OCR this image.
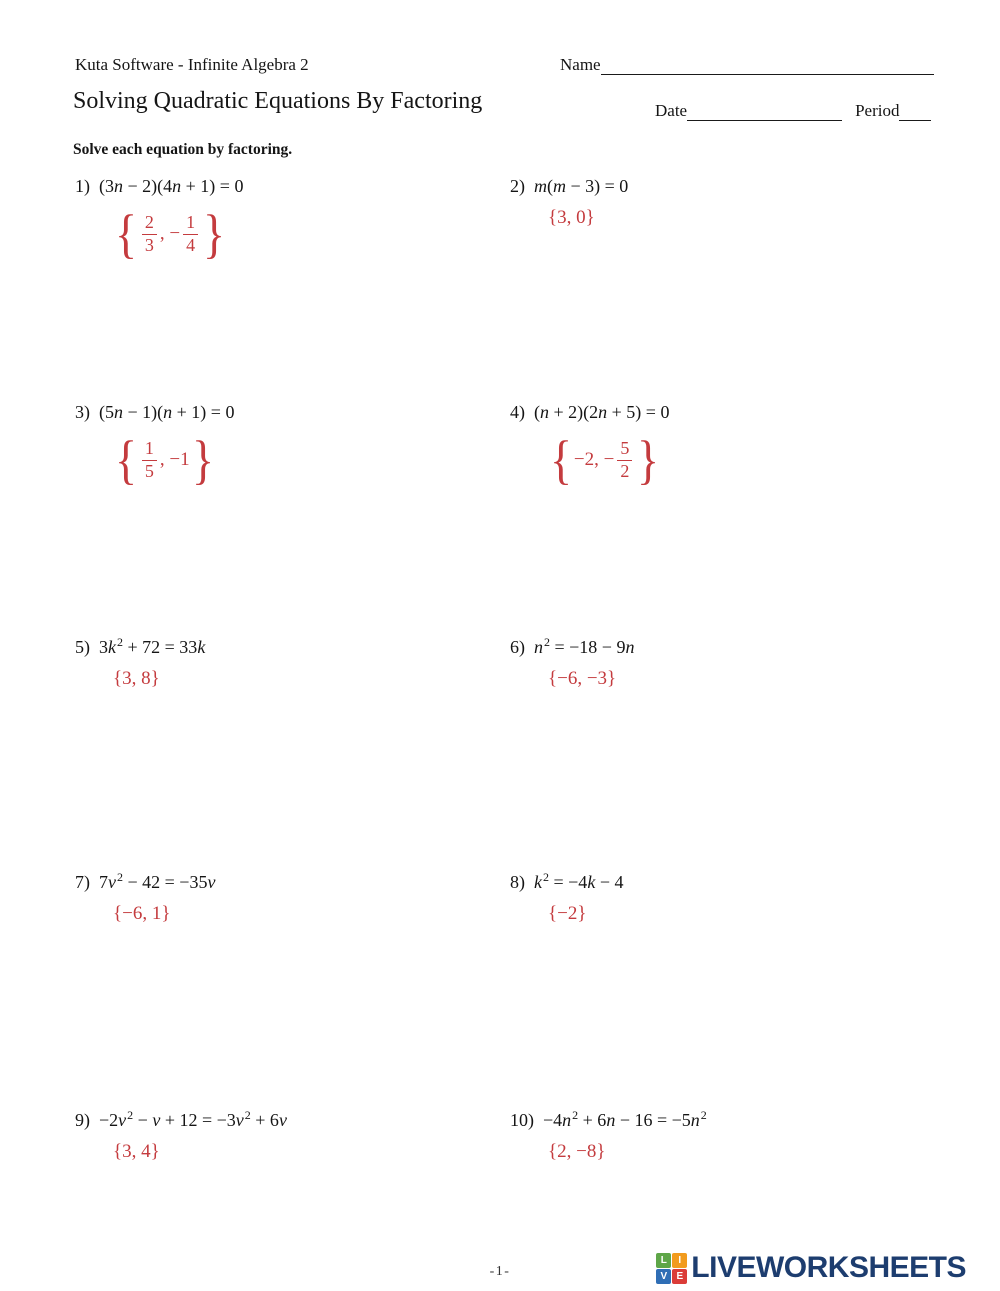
Kuta Software - Infinite Algebra 2	Name
Solving Quadratic Equations By Factoring	Date	Period
Solve each equation by factoring.
1) (3 n − 2)(4 n + 1) = 0
{ $\frac{2}{3}$ , − $\frac{1}{4}$ }
2) m ( m − 3) = 0
{3, 0}
3) (5 n − 1)( n + 1) = 0
{ $\frac{1}{5}$ , −1 }
4) ( n + 2)(2 n + 5) = 0
{ −2, − $\frac{5}{2}$ }
5) 3 k 2 + 72 = 33 k
{3, 8}
6) n 2 = −18 − 9 n
{−6, −3}
7) 7 v 2 − 42 = −35 v
{−6, 1}
8) k 2 = −4 k − 4
{−2}
9) −2 v 2 − v + 12 = −3 v 2 + 6 v
{3, 4}
10) −4 n 2 + 6 n − 16 = −5 n 2
{2, −8}
-1-
L	I
V E LIVEWORKSHEETS
